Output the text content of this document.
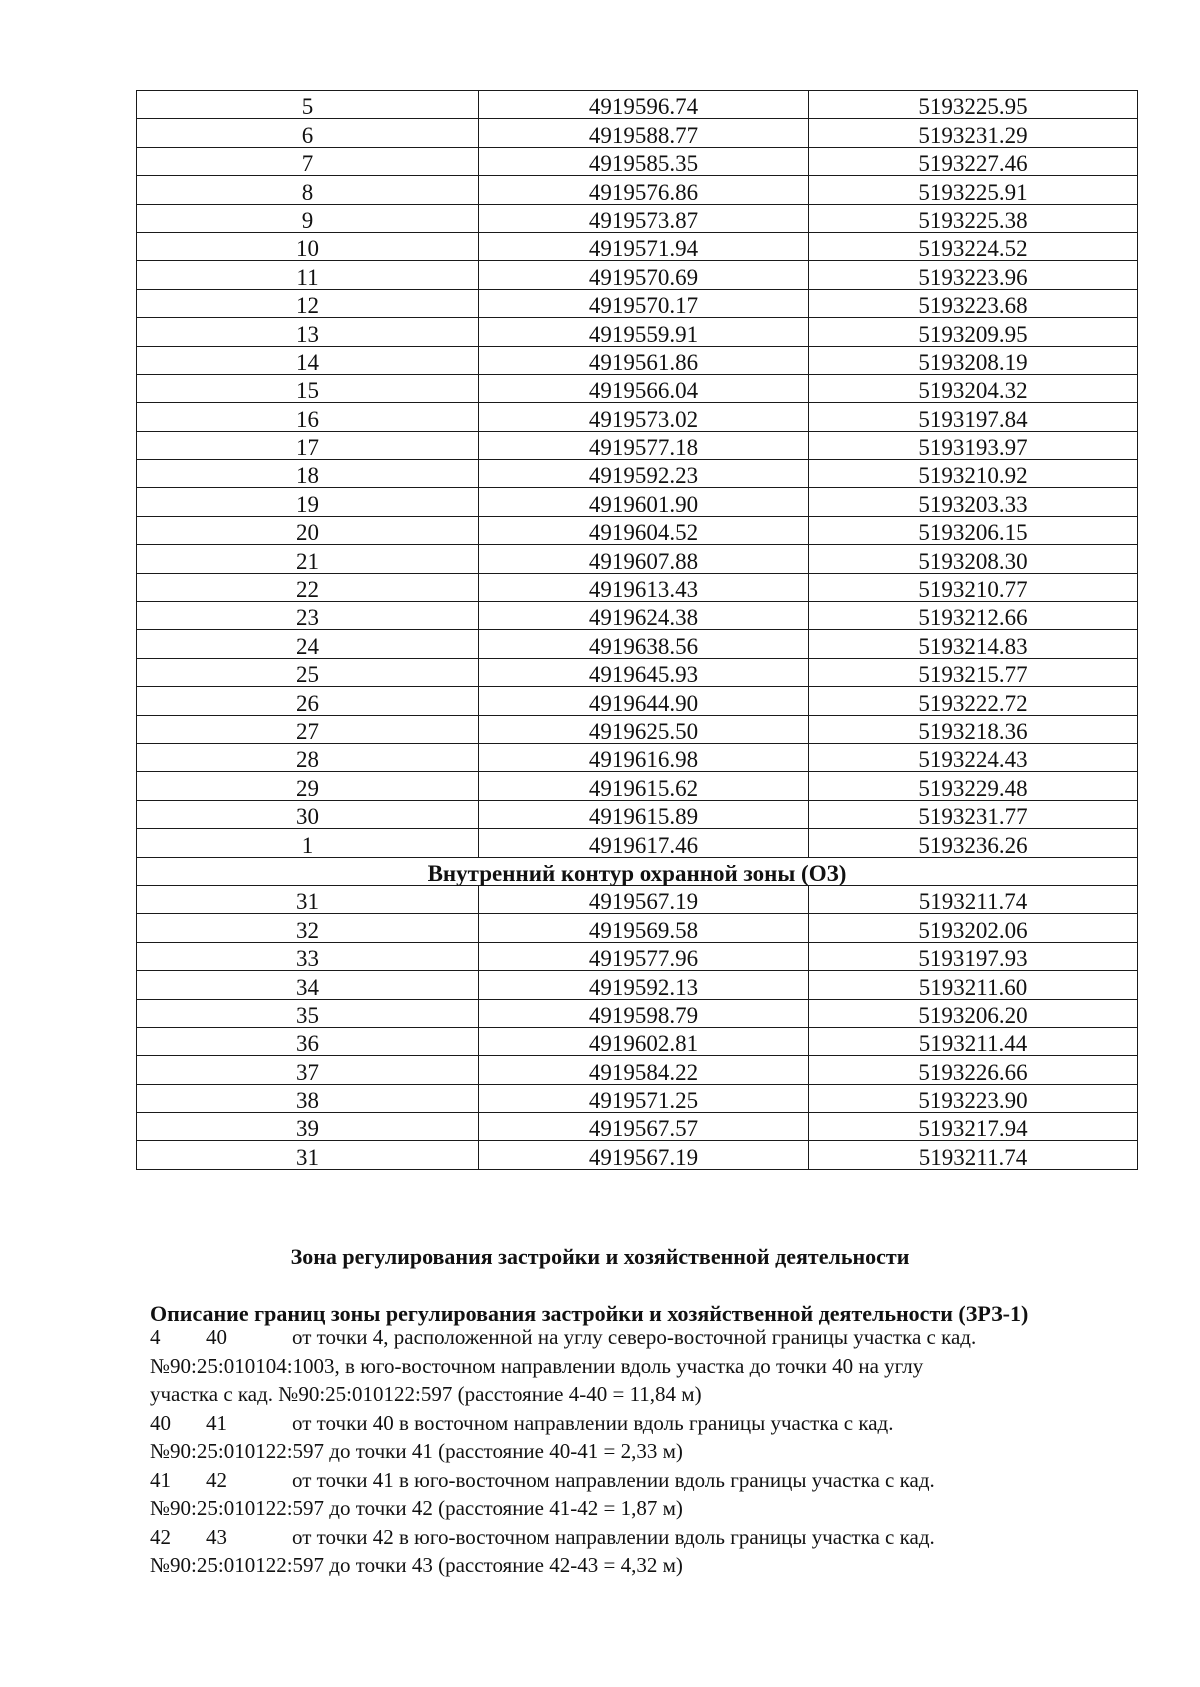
5	4919596.74	5193225.95
6	4919588.77	5193231.29
7	4919585.35	5193227.46
8	4919576.86	5193225.91
9	4919573.87	5193225.38
10	4919571.94	5193224.52
11	4919570.69	5193223.96
12	4919570.17	5193223.68
13	4919559.91	5193209.95
14	4919561.86	5193208.19
15	4919566.04	5193204.32
16	4919573.02	5193197.84
17	4919577.18	5193193.97
18	4919592.23	5193210.92
19	4919601.90	5193203.33
20	4919604.52	5193206.15
21	4919607.88	5193208.30
22	4919613.43	5193210.77
23	4919624.38	5193212.66
24	4919638.56	5193214.83
25	4919645.93	5193215.77
26	4919644.90	5193222.72
27	4919625.50	5193218.36
28	4919616.98	5193224.43
29	4919615.62	5193229.48
30	4919615.89	5193231.77
1	4919617.46	5193236.26
Внутренний контур охранной зоны (ОЗ)		
31	4919567.19	5193211.74
32	4919569.58	5193202.06
33	4919577.96	5193197.93
34	4919592.13	5193211.60
35	4919598.79	5193206.20
36	4919602.81	5193211.44
37	4919584.22	5193226.66
38	4919571.25	5193223.90
39	4919567.57	5193217.94
31	4919567.19	5193211.74
Зона регулирования застройки и хозяйственной деятельности
Описание границ зоны регулирования застройки и хозяйственной деятельности (ЗРЗ-1)
4 40	от точки 4, расположенной на углу северо-восточной границы участка с кад.
№90:25:010104:1003, в юго-восточном направлении вдоль участка до точки 40 на углу
участка с кад. №90:25:010122:597 (расстояние 4-40 = 11,84 м)
40 41	от точки 40 в восточном направлении вдоль границы участка с кад.
№90:25:010122:597 до точки 41 (расстояние 40-41 = 2,33 м)
41 42	от точки 41 в юго-восточном направлении вдоль границы участка с кад.
№90:25:010122:597 до точки 42 (расстояние 41-42 = 1,87 м)
42 43	от точки 42 в юго-восточном направлении вдоль границы участка с кад.
№90:25:010122:597 до точки 43 (расстояние 42-43 = 4,32 м)
